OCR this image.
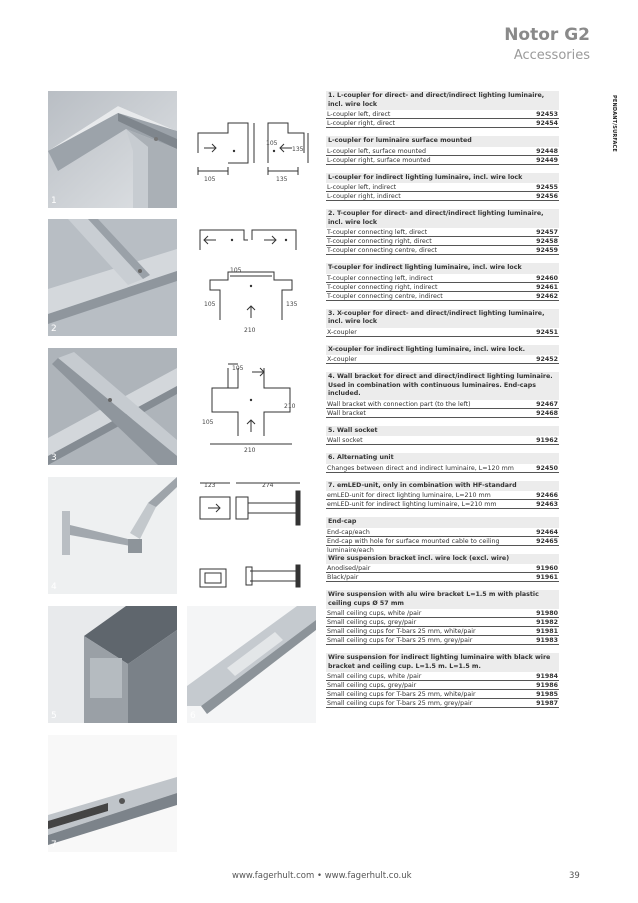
Notor G2
Accessories
PENDANT/SURFACE
1
2
3
4
5	6
7
105
105
135
135
105
105	135
210
105
105
210
210
123	274
1. L-coupler for direct- and direct/indirect lighting luminaire, incl. wire lock
L-coupler left, direct	92453
L-coupler right, direct	92454
L-coupler for luminaire surface mounted
L-coupler left, surface mounted	92448
L-coupler right, surface mounted	92449
L-coupler for indirect lighting luminaire, incl. wire lock
L-coupler left, indirect	92455
L-coupler right, indirect	92456
2. T-coupler for direct- and direct/indirect lighting luminaire, incl. wire lock
T-coupler connecting left, direct	92457
T-coupler connecting right, direct	92458
T-coupler connecting centre, direct	92459
T-coupler for indirect lighting luminaire, incl. wire lock
T-coupler connecting left, indirect	92460
T-coupler connecting right, indirect	92461
T-coupler connecting centre, indirect	92462
3. X-coupler for direct- and direct/indirect lighting luminaire, incl. wire lock
X-coupler	92451
X-coupler for indirect lighting luminaire, incl. wire lock.
X-coupler	92452
4. Wall bracket for direct and direct/indirect lighting luminaire. Used in combination with continuous luminaires. End-caps included.
Wall bracket with connection part (to the left)	92467
Wall bracket	92468
5. Wall socket
Wall socket	91962
6. Alternating unit
Changes between direct and indirect luminaire, L=120 mm	92450
7. emLED-unit, only in combination with HF-standard
emLED-unit for direct lighting luminaire, L=210 mm	92466
emLED-unit for indirect lighting luminaire, L=210 mm	92463
End-cap
End-cap/each	92464
End-cap with hole for surface mounted cable to ceiling luminaire/each
92465
Wire suspension bracket incl. wire lock (excl. wire)
Anodised/pair	91960
Black/pair	91961
Wire suspension with alu wire bracket L=1.5 m with plastic ceiling cups Ø 57 mm
Small ceiling cups, white /pair	91980
Small ceiling cups, grey/pair	91982
Small ceiling cups for T-bars 25 mm, white/pair	91981
Small ceiling cups for T-bars 25 mm, grey/pair	91983
Wire suspension for indirect lighting luminaire with black wire bracket and ceiling cup. L=1.5 m. L=1.5 m.
Small ceiling cups, white /pair	91984
Small ceiling cups, grey/pair	91986
Small ceiling cups for T-bars 25 mm, white/pair	91985
Small ceiling cups for T-bars 25 mm, grey/pair	91987
www.fagerhult.com • www.fagerhult.co.uk	39
